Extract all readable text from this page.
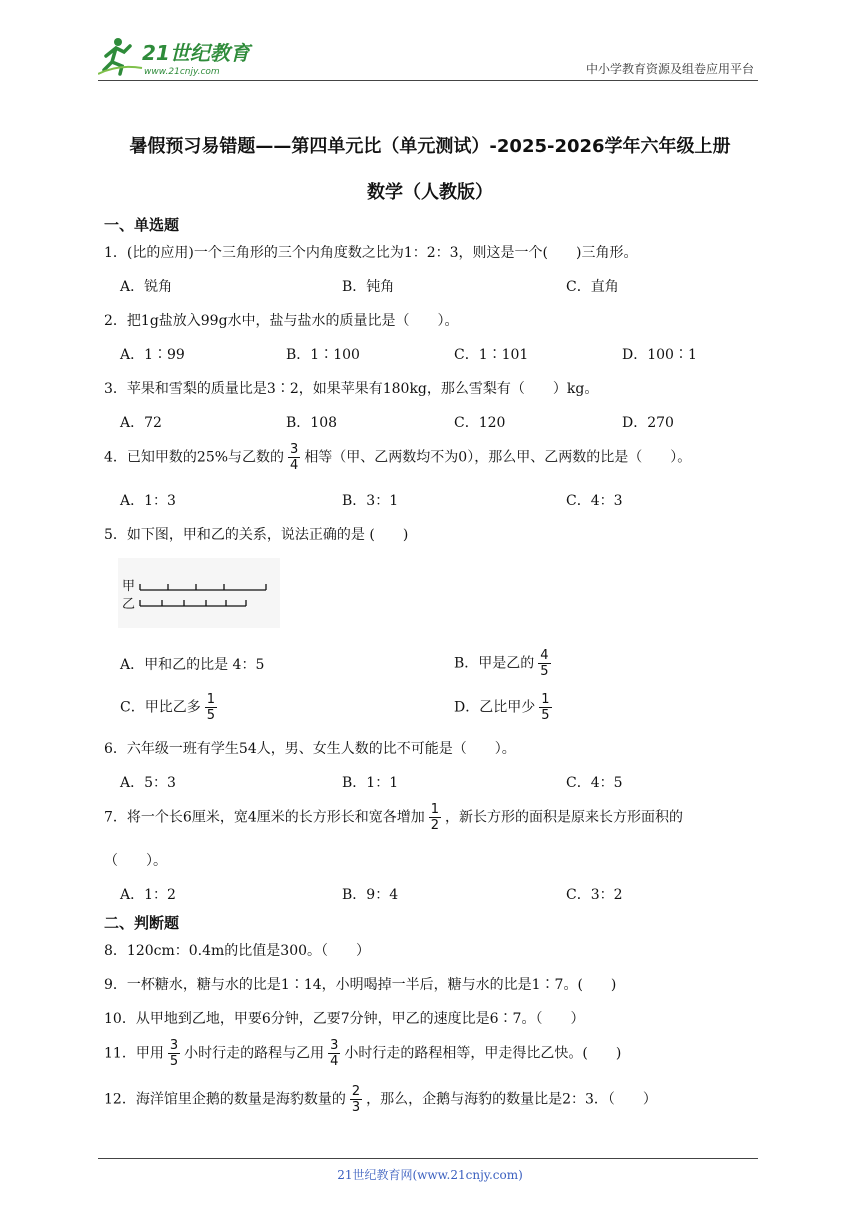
21世纪教育
www.21cnjy.com	中小学教育资源及组卷应用平台
暑假预习易错题——第四单元比（单元测试）-2025-2026学年六年级上册
数学（人教版）
一、单选题
1．(比的应用)一个三角形的三个内角度数之比为1：2：3，则这是一个(　　)三角形。
A．锐角	B．钝角	C．直角
2．把1g盐放入99g水中，盐与盐水的质量比是（　　）。
A．1∶99	B．1∶100	C．1∶101	D．100∶1
3．苹果和雪梨的质量比是3∶2，如果苹果有180kg，那么雪梨有（　　）kg。
A．72	B．108	C．120	D．270
4．已知甲数的25%与乙数的 $\frac{3}{4}$ 相等（甲、乙两数均不为0），那么甲、乙两数的比是（　　）。
A．1：3	B．3：1	C．4：3
5．如下图，甲和乙的关系，说法正确的是 (　　)
甲
乙
A．甲和乙的比是 4：5	B．甲是乙的 $\frac{4}{5}$
C．甲比乙多 $\frac{1}{5}$	D．乙比甲少 $\frac{1}{5}$
6．六年级一班有学生54人，男、女生人数的比不可能是（　　）。
A．5：3	B．1：1	C．4：5
7．将一个长6厘米，宽4厘米的长方形长和宽各增加 $\frac{1}{2}$ ，新长方形的面积是原来长方形面积的
（　　）。
A．1：2	B．9：4	C．3：2
二、判断题
8．120cm：0.4m的比值是300。（　　）
9．一杯糖水，糖与水的比是1∶14，小明喝掉一半后，糖与水的比是1∶7。(　　)
10．从甲地到乙地，甲要6分钟，乙要7分钟，甲乙的速度比是6∶7。（　　）
11．甲用 $\frac{3}{5}$ 小时行走的路程与乙用 $\frac{3}{4}$ 小时行走的路程相等，甲走得比乙快。(　　)
12．海洋馆里企鹅的数量是海豹数量的 $\frac{2}{3}$ ，那么，企鹅与海豹的数量比是2：3．（　　）
21世纪教育网(www.21cnjy.com)
